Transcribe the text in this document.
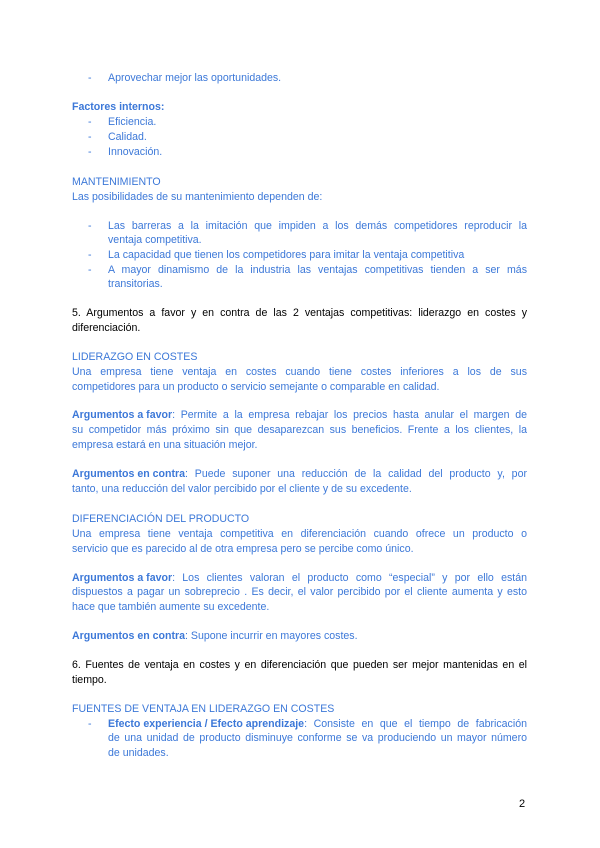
- Aprovechar mejor las oportunidades.
Factores internos:
- Eficiencia.
- Calidad.
- Innovación.
MANTENIMIENTO
Las posibilidades de su mantenimiento dependen de:
- Las barreras a la imitación que impiden a los demás competidores reproducir la
ventaja competitiva.
- La capacidad que tienen los competidores para imitar la ventaja competitiva
- A mayor dinamismo de la industria las ventajas competitivas tienden a ser más
transitorias.
5. Argumentos a favor y en contra de las 2 ventajas competitivas: liderazgo en costes y
diferenciación.
LIDERAZGO EN COSTES
Una empresa tiene ventaja en costes cuando tiene costes inferiores a los de sus
competidores para un producto o servicio semejante o comparable en calidad.
Argumentos a favor : Permite a la empresa rebajar los precios hasta anular el margen de
su competidor más próximo sin que desaparezcan sus beneficios. Frente a los clientes, la
empresa estará en una situación mejor.
Argumentos en contra : Puede suponer una reducción de la calidad del producto y, por
tanto, una reducción del valor percibido por el cliente y de su excedente.
DIFERENCIACIÓN DEL PRODUCTO
Una empresa tiene ventaja competitiva en diferenciación cuando ofrece un producto o
servicio que es parecido al de otra empresa pero se percibe como único.
Argumentos a favor : Los clientes valoran el producto como “especial” y por ello están
dispuestos a pagar un sobreprecio . Es decir, el valor percibido por el cliente aumenta y esto
hace que también aumente su excedente.
Argumentos en contra: Supone incurrir en mayores costes.
6. Fuentes de ventaja en costes y en diferenciación que pueden ser mejor mantenidas en el
tiempo.
FUENTES DE VENTAJA EN LIDERAZGO EN COSTES
- Efecto experiencia / Efecto aprendizaje : Consiste en que el tiempo de fabricación
de una unidad de producto disminuye conforme se va produciendo un mayor número
de unidades.
2
